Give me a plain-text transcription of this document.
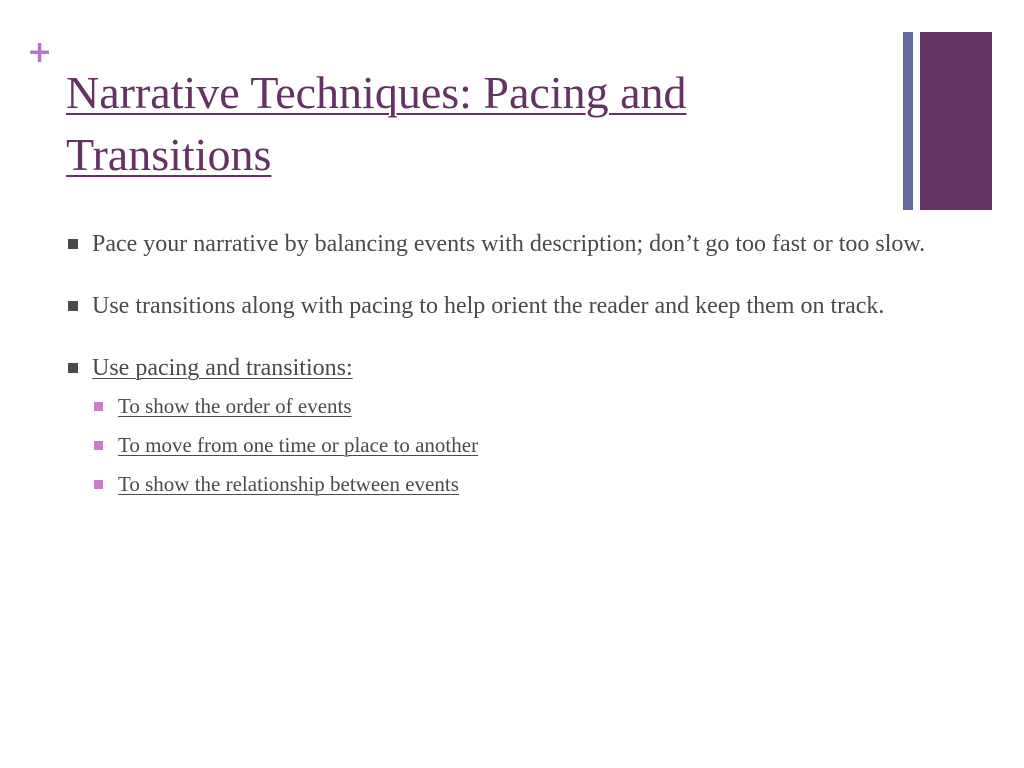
+
Narrative Techniques: Pacing and Transitions
Pace your narrative by balancing events with description; don’t go too fast or too slow.
Use transitions along with pacing to help orient the reader and keep them on track.
Use pacing and transitions:
To show the order of events
To move from one time or place to another
To show the relationship between events
